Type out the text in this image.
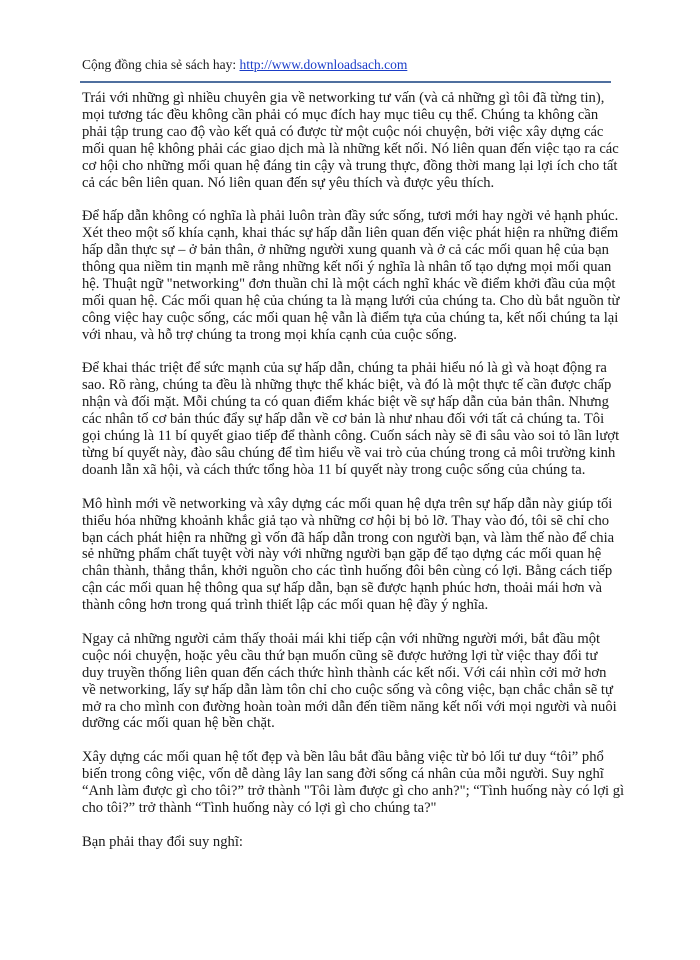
Cộng đồng chia sẻ sách hay: http://www.downloadsach.com

Trái với những gì nhiều chuyên gia về networking tư vấn (và cả những gì tôi đã từng tin),
mọi tương tác đều không cần phải có mục đích hay mục tiêu cụ thể. Chúng ta không cần
phải tập trung cao độ vào kết quả có được từ một cuộc nói chuyện, bởi việc xây dựng các
mối quan hệ không phải các giao dịch mà là những kết nối. Nó liên quan đến việc tạo ra các
cơ hội cho những mối quan hệ đáng tin cậy và trung thực, đồng thời mang lại lợi ích cho tất
cả các bên liên quan. Nó liên quan đến sự yêu thích và được yêu thích.

Để hấp dẫn không có nghĩa là phải luôn tràn đầy sức sống, tươi mới hay ngời vẻ hạnh phúc.
Xét theo một số khía cạnh, khai thác sự hấp dẫn liên quan đến việc phát hiện ra những điểm
hấp dẫn thực sự – ở bản thân, ở những người xung quanh và ở cả các mối quan hệ của bạn
thông qua niềm tin mạnh mẽ rằng những kết nối ý nghĩa là nhân tố tạo dựng mọi mối quan
hệ. Thuật ngữ "networking" đơn thuần chỉ là một cách nghĩ khác về điểm khởi đầu của một
mối quan hệ. Các mối quan hệ của chúng ta là mạng lưới của chúng ta. Cho dù bắt nguồn từ
công việc hay cuộc sống, các mối quan hệ vẫn là điểm tựa của chúng ta, kết nối chúng ta lại
với nhau, và hỗ trợ chúng ta trong mọi khía cạnh của cuộc sống.

Để khai thác triệt để sức mạnh của sự hấp dẫn, chúng ta phải hiểu nó là gì và hoạt động ra
sao. Rõ ràng, chúng ta đều là những thực thể khác biệt, và đó là một thực tế cần được chấp
nhận và đối mặt. Mỗi chúng ta có quan điểm khác biệt về sự hấp dẫn của bản thân. Nhưng
các nhân tố cơ bản thúc đẩy sự hấp dẫn về cơ bản là như nhau đối với tất cả chúng ta. Tôi
gọi chúng là 11 bí quyết giao tiếp để thành công. Cuốn sách này sẽ đi sâu vào soi tỏ lần lượt
từng bí quyết này, đào sâu chúng để tìm hiểu về vai trò của chúng trong cả môi trường kinh
doanh lẫn xã hội, và cách thức tổng hòa 11 bí quyết này trong cuộc sống của chúng ta.

Mô hình mới về networking và xây dựng các mối quan hệ dựa trên sự hấp dẫn này giúp tối
thiểu hóa những khoảnh khắc giả tạo và những cơ hội bị bỏ lỡ. Thay vào đó, tôi sẽ chỉ cho
bạn cách phát hiện ra những gì vốn đã hấp dẫn trong con người bạn, và làm thế nào để chia
sẻ những phẩm chất tuyệt vời này với những người bạn gặp để tạo dựng các mối quan hệ
chân thành, thẳng thắn, khởi nguồn cho các tình huống đôi bên cùng có lợi. Bằng cách tiếp
cận các mối quan hệ thông qua sự hấp dẫn, bạn sẽ được hạnh phúc hơn, thoải mái hơn và
thành công hơn trong quá trình thiết lập các mối quan hệ đầy ý nghĩa.

Ngay cả những người cảm thấy thoải mái khi tiếp cận với những người mới, bắt đầu một
cuộc nói chuyện, hoặc yêu cầu thứ bạn muốn cũng sẽ được hưởng lợi từ việc thay đổi tư
duy truyền thống liên quan đến cách thức hình thành các kết nối. Với cái nhìn cởi mở hơn
về networking, lấy sự hấp dẫn làm tôn chỉ cho cuộc sống và công việc, bạn chắc chắn sẽ tự
mở ra cho mình con đường hoàn toàn mới dẫn đến tiềm năng kết nối với mọi người và nuôi
dưỡng các mối quan hệ bền chặt.

Xây dựng các mối quan hệ tốt đẹp và bền lâu bắt đầu bằng việc từ bỏ lối tư duy “tôi” phổ
biến trong công việc, vốn dễ dàng lây lan sang đời sống cá nhân của mỗi người. Suy nghĩ
“Anh làm được gì cho tôi?” trở thành "Tôi làm được gì cho anh?"; “Tình huống này có lợi gì
cho tôi?” trở thành “Tình huống này có lợi gì cho chúng ta?"

Bạn phải thay đổi suy nghĩ:
